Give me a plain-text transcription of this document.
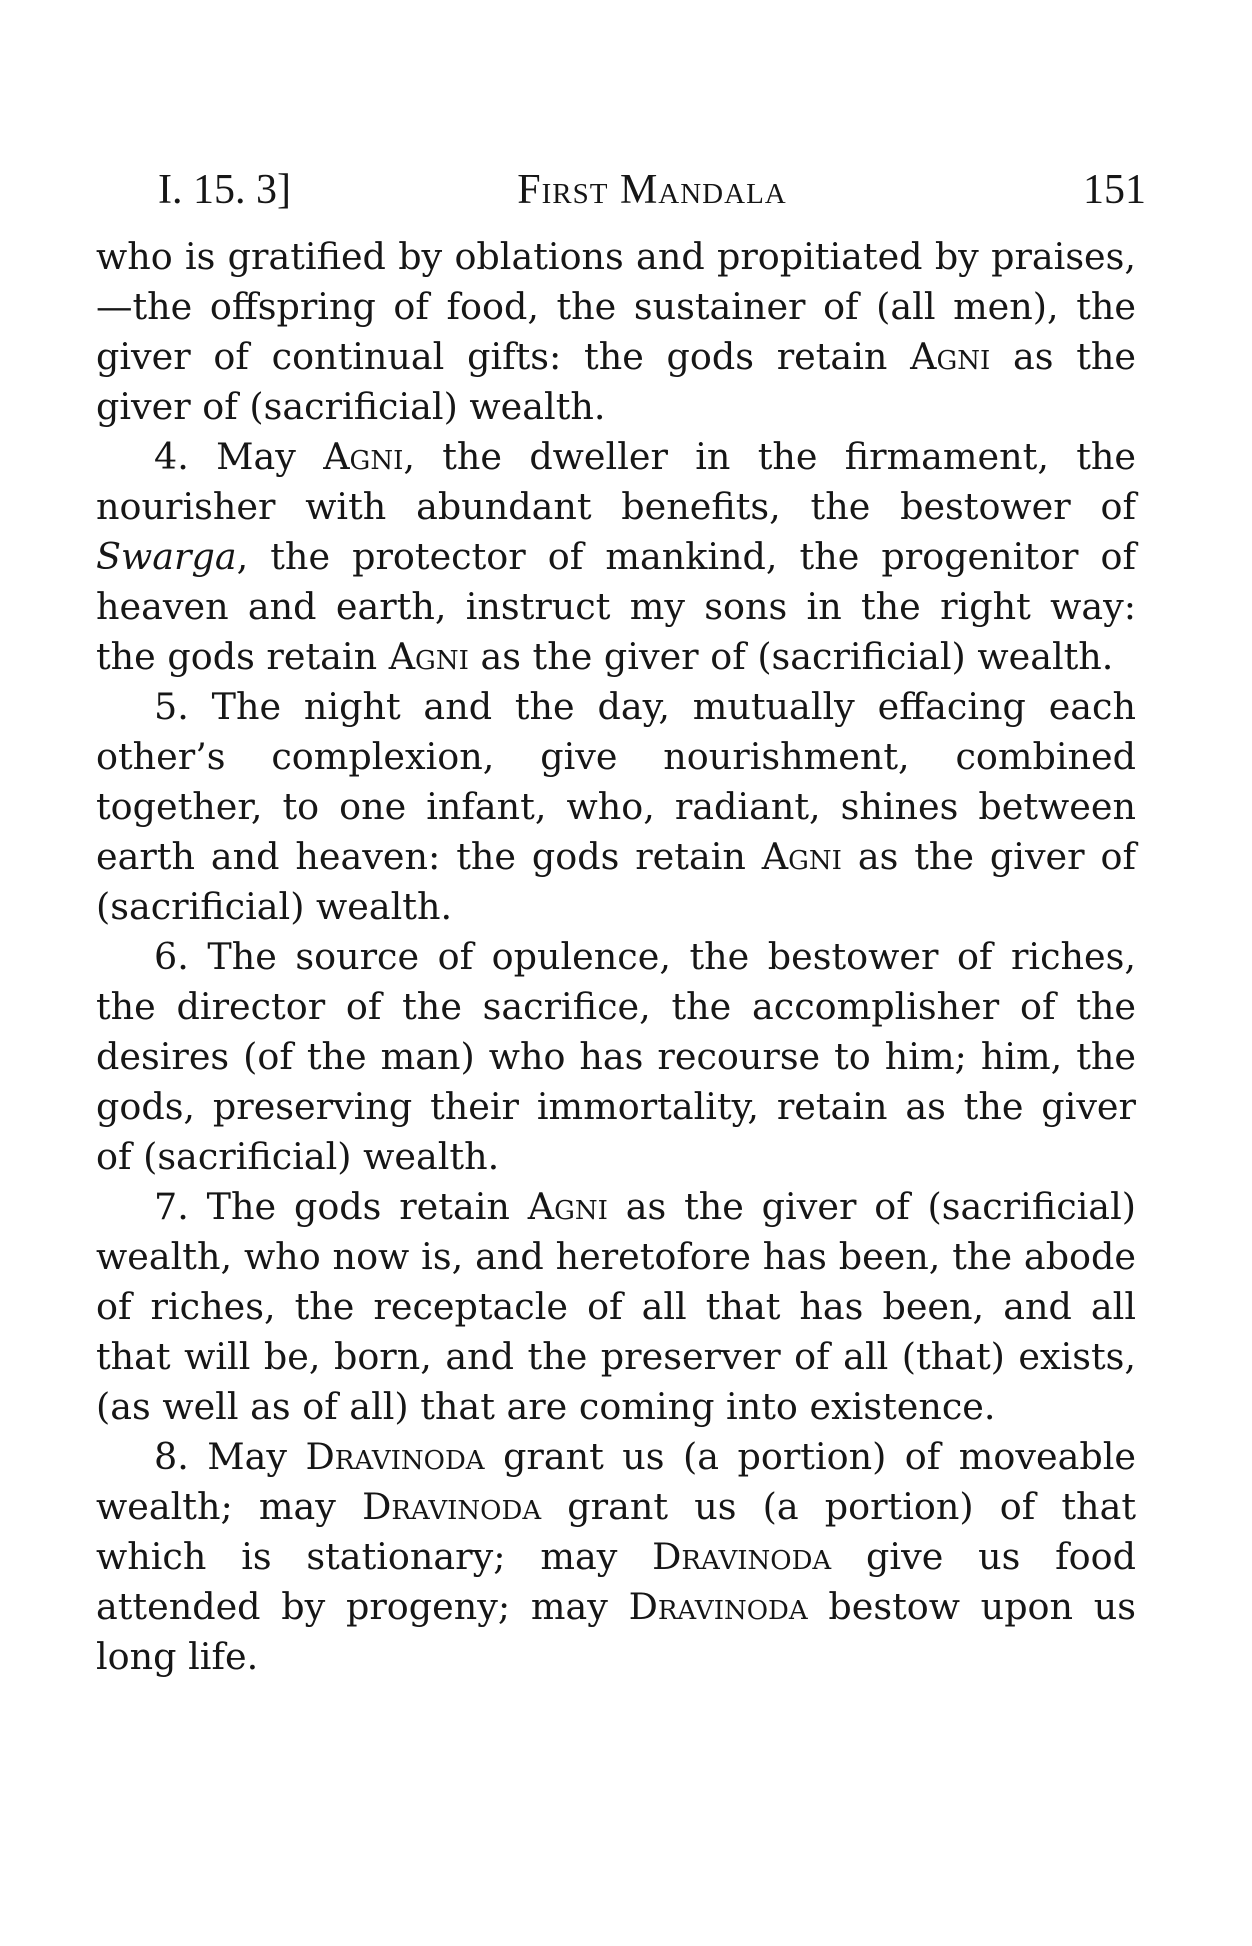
I. 15. 3]	First Mandala	151

who is gratified by oblations and propitiated by praises,—the offspring of food, the sustainer of (all men), the giver of continual gifts: the gods retain Agni as the giver of (sacrificial) wealth.

4. May Agni, the dweller in the firmament, the nourisher with abundant benefits, the bestower of Swarga, the protector of mankind, the progenitor of heaven and earth, instruct my sons in the right way: the gods retain Agni as the giver of (sacrificial) wealth.

5. The night and the day, mutually effacing each other’s complexion, give nourishment, combined together, to one infant, who, radiant, shines between earth and heaven: the gods retain Agni as the giver of (sacrificial) wealth.

6. The source of opulence, the bestower of riches, the director of the sacrifice, the accomplisher of the desires (of the man) who has recourse to him; him, the gods, preserving their immortality, retain as the giver of (sacrificial) wealth.

7. The gods retain Agni as the giver of (sacrificial) wealth, who now is, and heretofore has been, the abode of riches, the receptacle of all that has been, and all that will be, born, and the preserver of all (that) exists, (as well as of all) that are coming into existence.

8. May Dravinoda grant us (a portion) of moveable wealth; may Dravinoda grant us (a portion) of that which is stationary; may Dravinoda give us food attended by progeny; may Dravinoda bestow upon us long life.
